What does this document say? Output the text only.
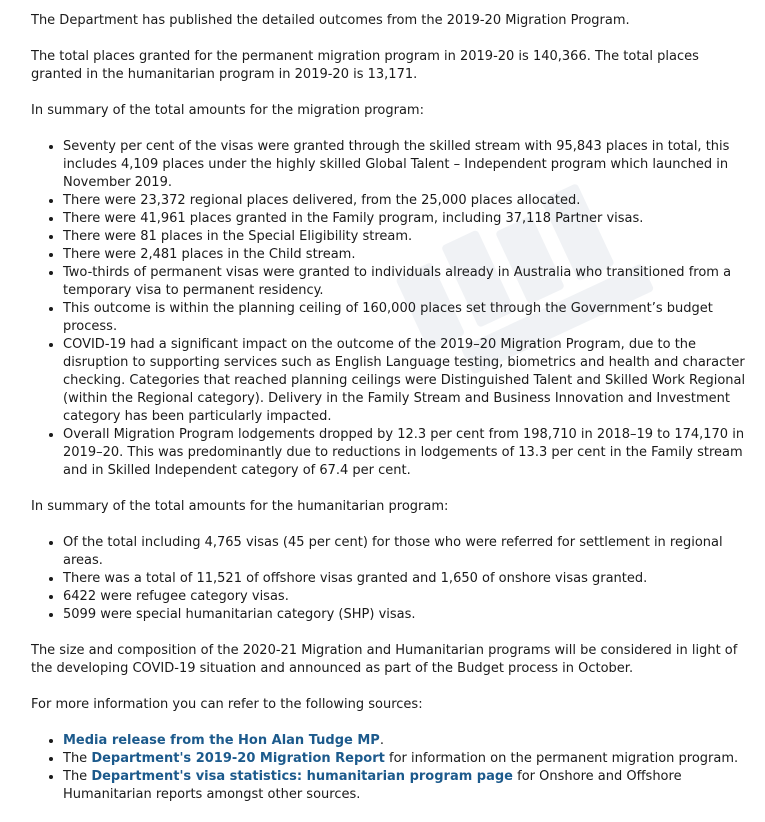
The Department has published the detailed outcomes from the 2019-20 Migration Program.

The total places granted for the permanent migration program in 2019-20 is 140,366. The total places granted in the humanitarian program in 2019-20 is 13,171.

In summary of the total amounts for the migration program:

• Seventy per cent of the visas were granted through the skilled stream with 95,843 places in total, this includes 4,109 places under the highly skilled Global Talent – Independent program which launched in November 2019.
• There were 23,372 regional places delivered, from the 25,000 places allocated.
• There were 41,961 places granted in the Family program, including 37,118 Partner visas.
• There were 81 places in the Special Eligibility stream.
• There were 2,481 places in the Child stream.
• Two-thirds of permanent visas were granted to individuals already in Australia who transitioned from a temporary visa to permanent residency.
• This outcome is within the planning ceiling of 160,000 places set through the Government’s budget process.
• COVID-19 had a significant impact on the outcome of the 2019–20 Migration Program, due to the disruption to supporting services such as English Language testing, biometrics and health and character checking. Categories that reached planning ceilings were Distinguished Talent and Skilled Work Regional (within the Regional category). Delivery in the Family Stream and Business Innovation and Investment category has been particularly impacted.
• Overall Migration Program lodgements dropped by 12.3 per cent from 198,710 in 2018–19 to 174,170 in 2019–20. This was predominantly due to reductions in lodgements of 13.3 per cent in the Family stream and in Skilled Independent category of 67.4 per cent.

In summary of the total amounts for the humanitarian program:

• Of the total including 4,765 visas (45 per cent) for those who were referred for settlement in regional areas.
• There was a total of 11,521 of offshore visas granted and 1,650 of onshore visas granted.
• 6422 were refugee category visas.
• 5099 were special humanitarian category (SHP) visas.

The size and composition of the 2020-21 Migration and Humanitarian programs will be considered in light of the developing COVID-19 situation and announced as part of the Budget process in October.

For more information you can refer to the following sources:

• Media release from the Hon Alan Tudge MP.
• The Department's 2019-20 Migration Report for information on the permanent migration program.
• The Department's visa statistics: humanitarian program page for Onshore and Offshore Humanitarian reports amongst other sources.
